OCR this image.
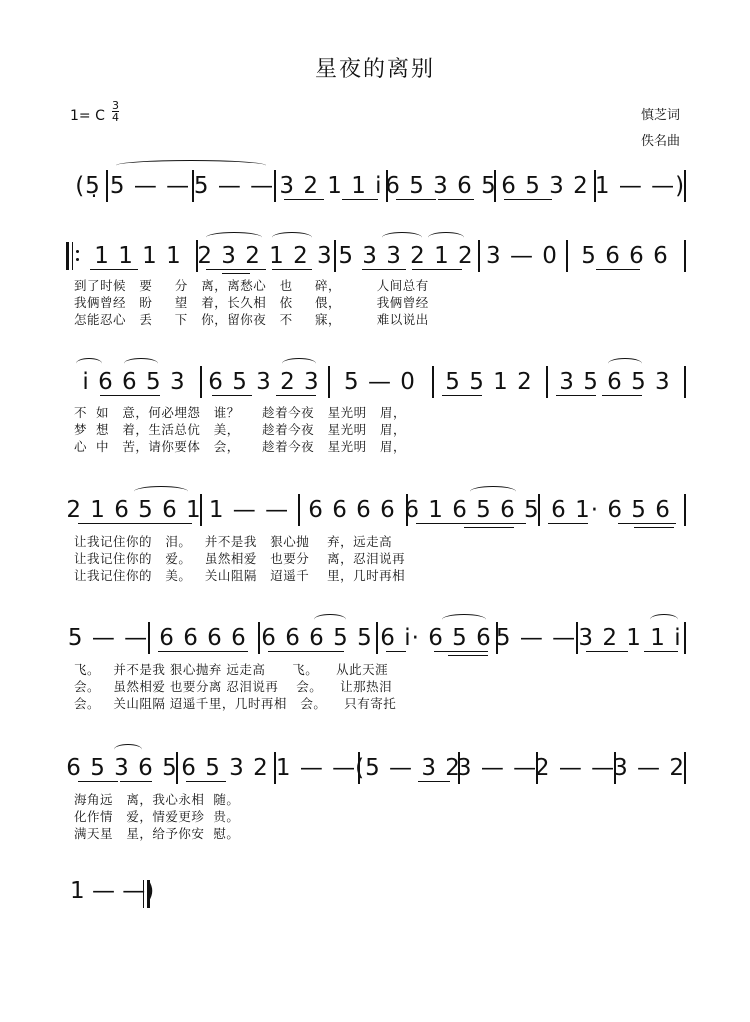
星夜的离别
1= C
3
4	慎芝词
佚名曲
(5̣ 5 — — 5 — — 3 2 1 1 i 6 5 3 6 5 6 5 3 2 1 — —)
1 1 1 1 2 3 2 1 2 3 5 3 3 2 1 2 3 — 0	5 6 6 6
到了时候   要     分   离，离愁心   也     碎，        人间总有
我俩曾经   盼     望   着，长久相   依     偎，        我俩曾经
怎能忍心   丢     下   你，留你夜   不     寐，        难以说出
i 6 6 5 3 6 5 3 2 3	5 — 0	5 5 1 2	3 5 6 5 3
不  如   意，何必埋怨   谁？     趁着今夜   星光明   眉，
梦  想   着，生活总伉   美，     趁着今夜   星光明   眉，
心  中   苦，请你要体   会，     趁着今夜   星光明   眉，
2 1 6 5 6 1 1 — — 6 6 6 6 6 1 6 5 6 5 6 1· 6 5 6
让我记住你的   泪。   并不是我   狠心抛    弃，远走高
让我记住你的   爱。   虽然相爱   也要分    离，忍泪说再
让我记住你的   美。   关山阻隔   迢遥千    里，几时再相
5 — — 6 6 6 6 6 6 6 5 5 6 i· 6 5 6 5 — — 3 2 1 1 i
飞。   并不是我 狠心抛弃 远走高      飞。    从此天涯
会。   虽然相爱 也要分离 忍泪说再    会。    让那热泪
会。   关山阻隔 迢遥千里，几时再相   会。    只有寄托
6 5 3 6 5 6 5 3 2 1 — —
(5 — 3 2
3 — —
2 — —
3 — 2
海角远   离，我心永相  随。
化作情   爱，情爱更珍  贵。
满天星   星，给予你安  慰。
1 — —)
